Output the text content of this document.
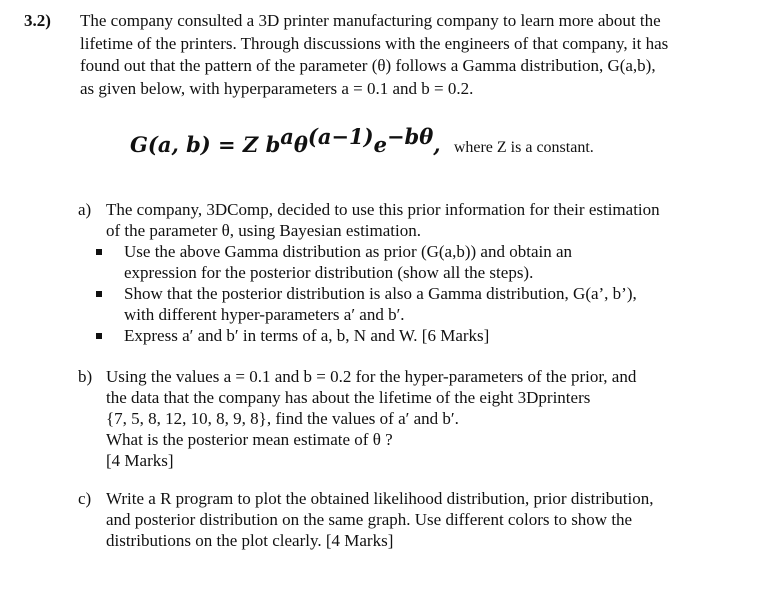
3.2) The company consulted a 3D printer manufacturing company to learn more about the
lifetime of the printers. Through discussions with the engineers of that company, it has
found out that the pattern of the parameter (θ) follows a Gamma distribution, G(a,b),
as given below, with hyperparameters a = 0.1 and b = 0.2.
G(a, b) = Z $b^a\theta^{(a-1)}e^{-b\theta}$, where Z is a constant.
a) The company, 3DComp, decided to use this prior information for their estimation
of the parameter θ, using Bayesian estimation.
Use the above Gamma distribution as prior (G(a,b)) and obtain an
expression for the posterior distribution (show all the steps).
Show that the posterior distribution is also a Gamma distribution, G(a’, b’),
with different hyper-parameters a′ and b′.
Express a′ and b′ in terms of a, b, N and W. [6 Marks]
b) Using the values a = 0.1 and b = 0.2 for the hyper-parameters of the prior, and
the data that the company has about the lifetime of the eight 3Dprinters
{7, 5, 8, 12, 10, 8, 9, 8}, find the values of a′ and b′.
What is the posterior mean estimate of θ ?
[4 Marks]
c) Write a R program to plot the obtained likelihood distribution, prior distribution,
and posterior distribution on the same graph. Use different colors to show the
distributions on the plot clearly. [4 Marks]
